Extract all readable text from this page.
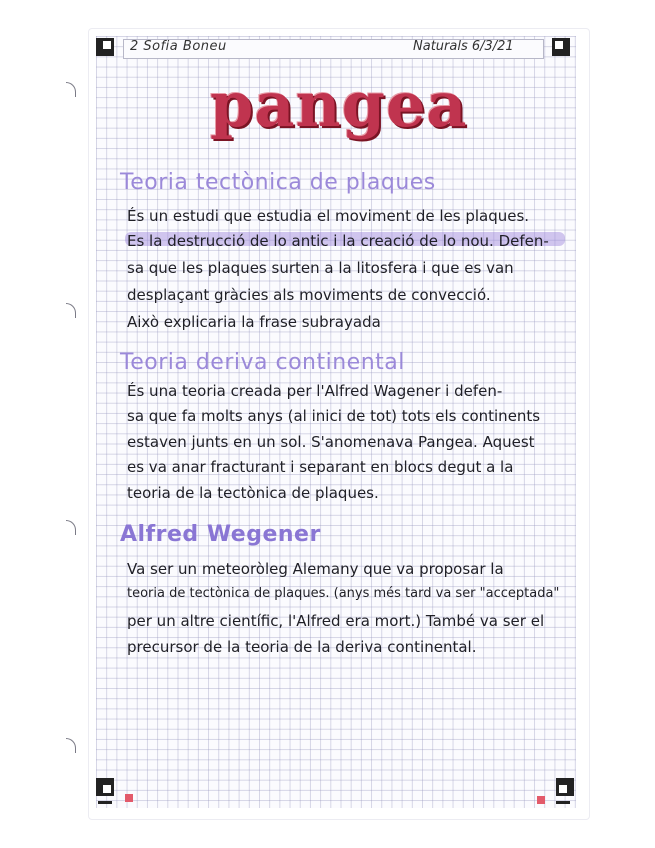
2 Sofia Boneu	Naturals 6/3/21
pangea
Teoria tectònica de plaques
És un estudi que estudia el moviment de les plaques.
Es la destrucció de lo antic i la creació de lo nou. Defen-
sa que les plaques surten a la litosfera i que es van
desplaçant gràcies als moviments de convecció.
Això explicaria la frase subrayada
Teoria deriva continental
És una teoria creada per l'Alfred Wagener i defen-
sa que fa molts anys (al inici de tot) tots els continents
estaven junts en un sol. S'anomenava Pangea. Aquest
es va anar fracturant i separant en blocs degut a la
teoria de la tectònica de plaques.
Alfred Wegener
Va ser un meteoròleg Alemany que va proposar la
teoria de tectònica de plaques. (anys més tard va ser "acceptada"
per un altre científic, l'Alfred era mort.) També va ser el
precursor de la teoria de la deriva continental.
